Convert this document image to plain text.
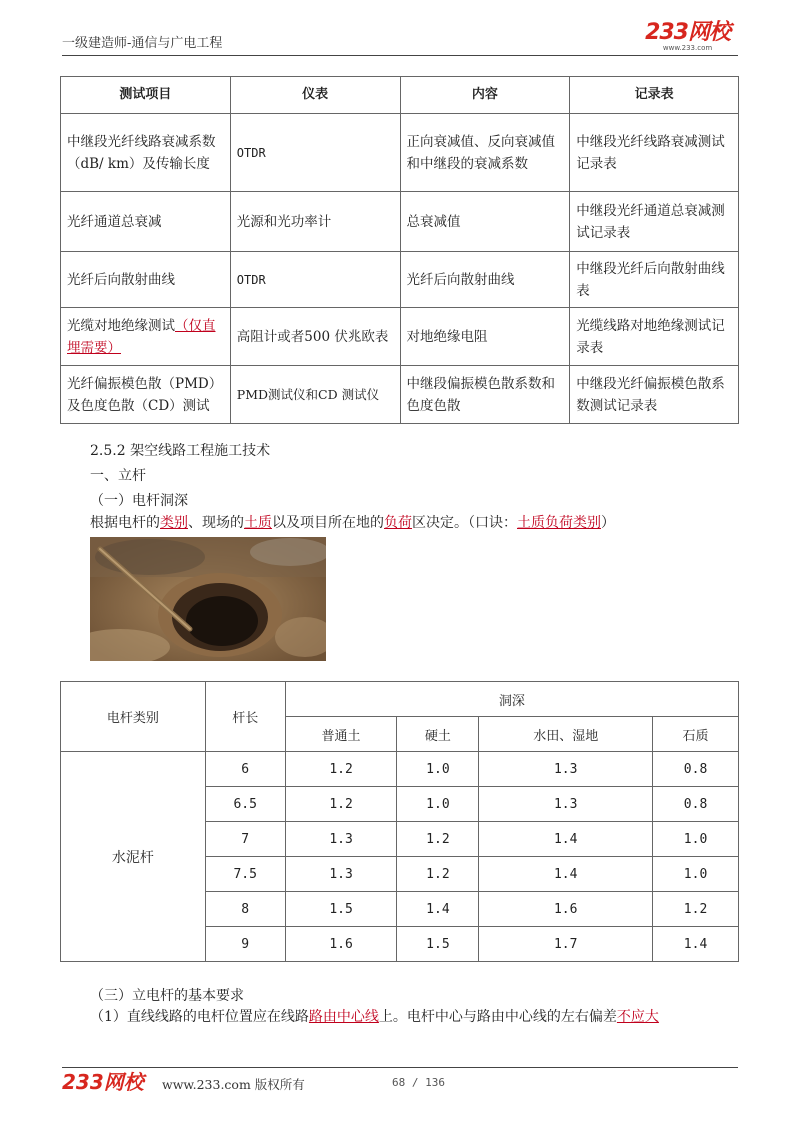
一级建造师-通信与广电工程	233网校
www.233.com
测试项目	仪表	内容	记录表
中继段光纤线路衰减系数（dB/ km）及传输长度	OTDR	正向衰减值、反向衰减值和中继段的衰减系数	中继段光纤线路衰减测试记录表
光纤通道总衰减	光源和光功率计	总衰减值	中继段光纤通道总衰减测试记录表
光纤后向散射曲线	OTDR	光纤后向散射曲线	中继段光纤后向散射曲线表
光缆对地绝缘测试（仅直埋需要）	高阻计或者500 伏兆欧表	对地绝缘电阻	光缆线路对地绝缘测试记录表
光纤偏振模色散（PMD）及色度色散（CD）测试	PMD测试仪和CD 测试仪	中继段偏振模色散系数和色度色散	中继段光纤偏振模色散系数测试记录表
2.5.2 架空线路工程施工技术
一、立杆
（一）电杆洞深
根据电杆的类别、现场的土质以及项目所在地的负荷区决定。（口诀：土质负荷类别）
电杆类别	杆长	洞深			
		普通土	硬土	水田、湿地	石质
水泥杆	6	1.2	1.0	1.3	0.8
	6.5	1.2	1.0	1.3	0.8
	7	1.3	1.2	1.4	1.0
	7.5	1.3	1.2	1.4	1.0
	8	1.5	1.4	1.6	1.2
	9	1.6	1.5	1.7	1.4
（三）立电杆的基本要求
（1）直线线路的电杆位置应在线路路由中心线上。电杆中心与路由中心线的左右偏差不应大
233网校 www.233.com 版权所有	68 / 136
